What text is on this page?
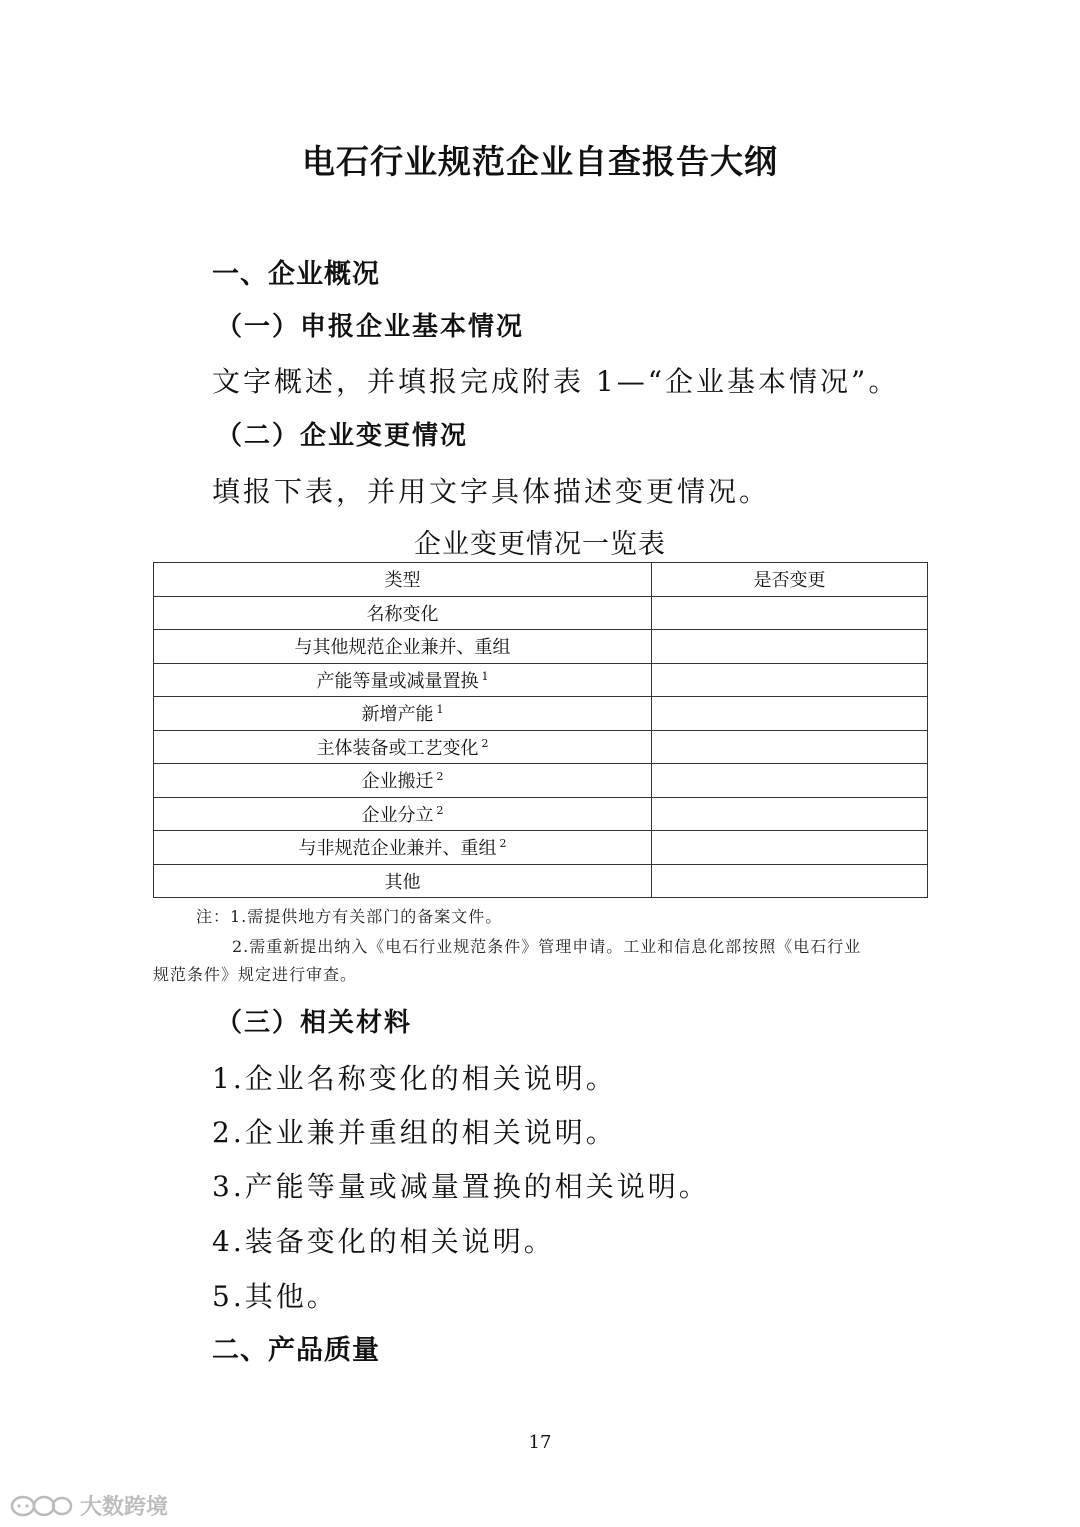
电石行业规范企业自查报告大纲
一、企业概况
（一）申报企业基本情况
文字概述，并填报完成附表 1—“企业基本情况”。
（二）企业变更情况
填报下表，并用文字具体描述变更情况。
企业变更情况一览表
类型	是否变更
名称变化	
与其他规范企业兼并、重组	
产能等量或减量置换 $^1$	
新增产能 $^1$	
主体装备或工艺变化 $^2$	
企业搬迁 $^2$	
企业分立 $^2$	
与非规范企业兼并、重组 $^2$	
其他	
注：1.需提供地方有关部门的备案文件。
2.需重新提出纳入《电石行业规范条件》管理申请。工业和信息化部按照《电石行业
规范条件》规定进行审查。
（三）相关材料
1.企业名称变化的相关说明。
2.企业兼并重组的相关说明。
3.产能等量或减量置换的相关说明。
4.装备变化的相关说明。
5.其他。
二、产品质量
17
大数跨境
